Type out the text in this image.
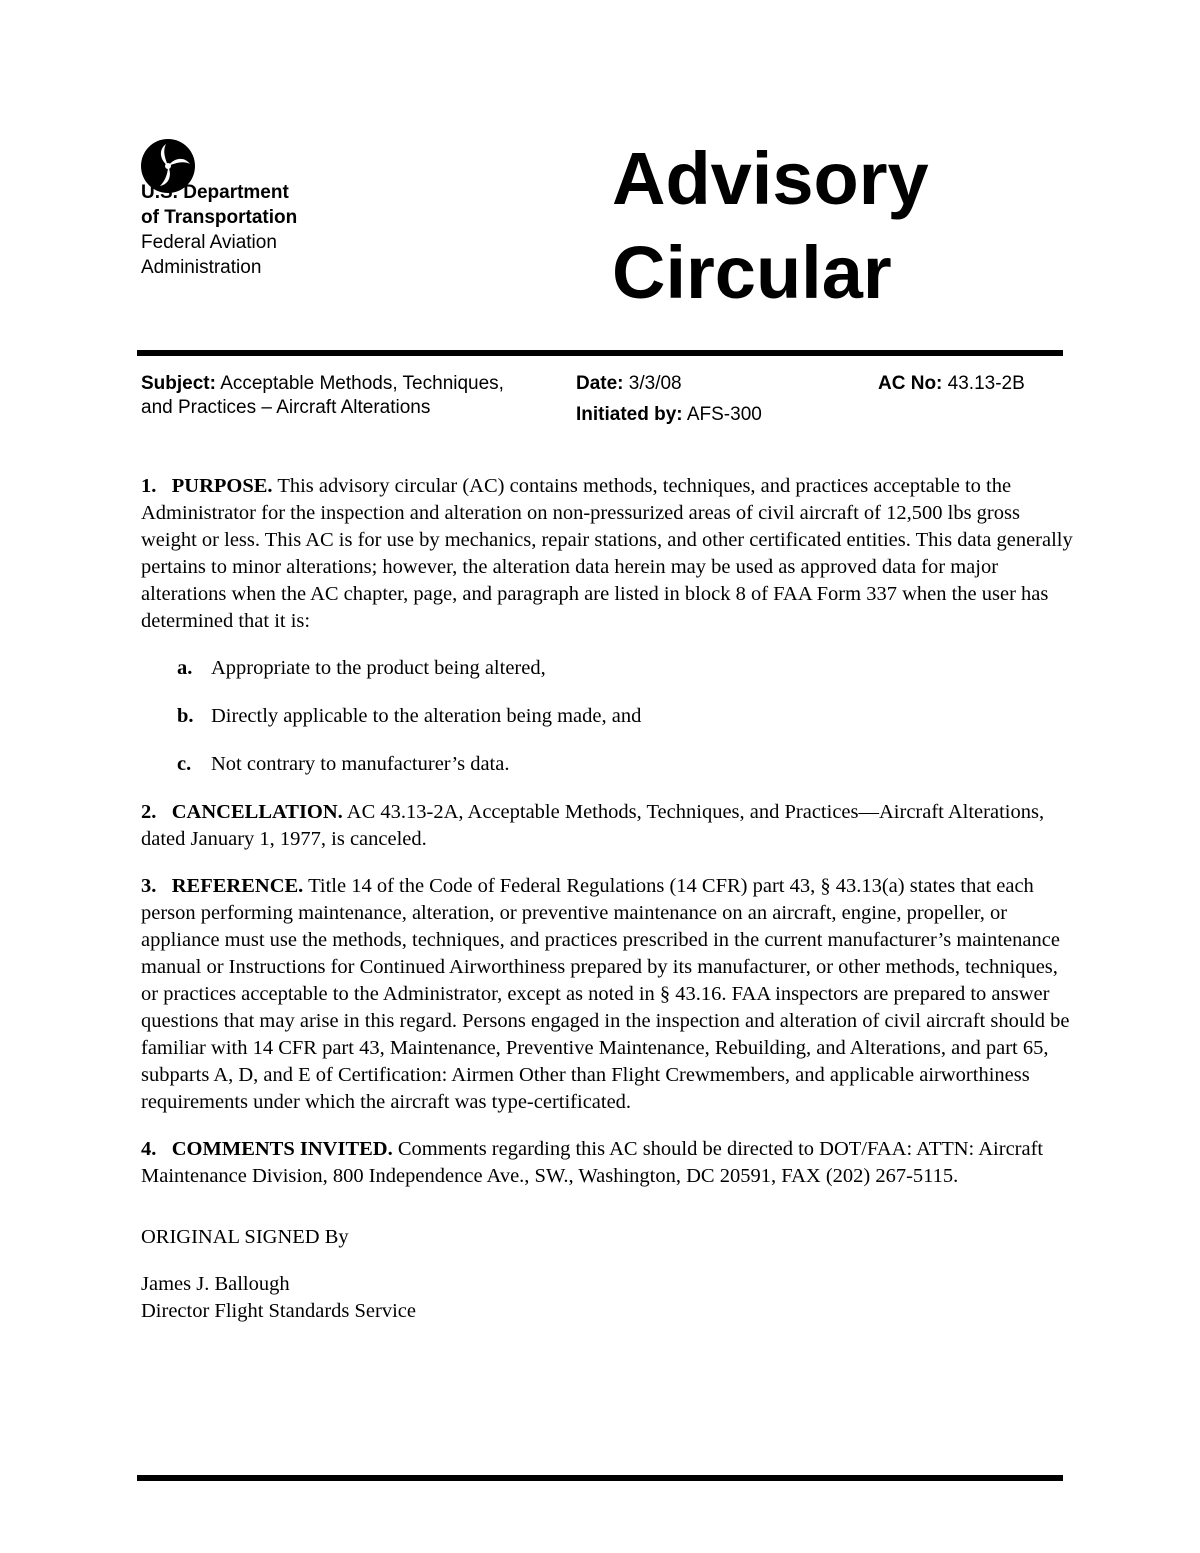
U.S. Department
of Transportation
Federal Aviation
Administration
Advisory
Circular
Subject: Acceptable Methods, Techniques, and Practices – Aircraft Alterations
Date: 3/3/08
Initiated by: AFS-300
AC No: 43.13-2B

1. PURPOSE. This advisory circular (AC) contains methods, techniques, and practices acceptable to the Administrator for the inspection and alteration on non-pressurized areas of civil aircraft of 12,500 lbs gross weight or less. This AC is for use by mechanics, repair stations, and other certificated entities. This data generally pertains to minor alterations; however, the alteration data herein may be used as approved data for major alterations when the AC chapter, page, and paragraph are listed in block 8 of FAA Form 337 when the user has determined that it is:

a. Appropriate to the product being altered,

b. Directly applicable to the alteration being made, and

c. Not contrary to manufacturer’s data.

2. CANCELLATION. AC 43.13-2A, Acceptable Methods, Techniques, and Practices—Aircraft Alterations, dated January 1, 1977, is canceled.

3. REFERENCE. Title 14 of the Code of Federal Regulations (14 CFR) part 43, § 43.13(a) states that each person performing maintenance, alteration, or preventive maintenance on an aircraft, engine, propeller, or appliance must use the methods, techniques, and practices prescribed in the current manufacturer’s maintenance manual or Instructions for Continued Airworthiness prepared by its manufacturer, or other methods, techniques, or practices acceptable to the Administrator, except as noted in § 43.16. FAA inspectors are prepared to answer questions that may arise in this regard. Persons engaged in the inspection and alteration of civil aircraft should be familiar with 14 CFR part 43, Maintenance, Preventive Maintenance, Rebuilding, and Alterations, and part 65, subparts A, D, and E of Certification: Airmen Other than Flight Crewmembers, and applicable airworthiness requirements under which the aircraft was type-certificated.

4. COMMENTS INVITED. Comments regarding this AC should be directed to DOT/FAA: ATTN: Aircraft Maintenance Division, 800 Independence Ave., SW., Washington, DC 20591, FAX (202) 267-5115.

ORIGINAL SIGNED By

James J. Ballough
Director Flight Standards Service
